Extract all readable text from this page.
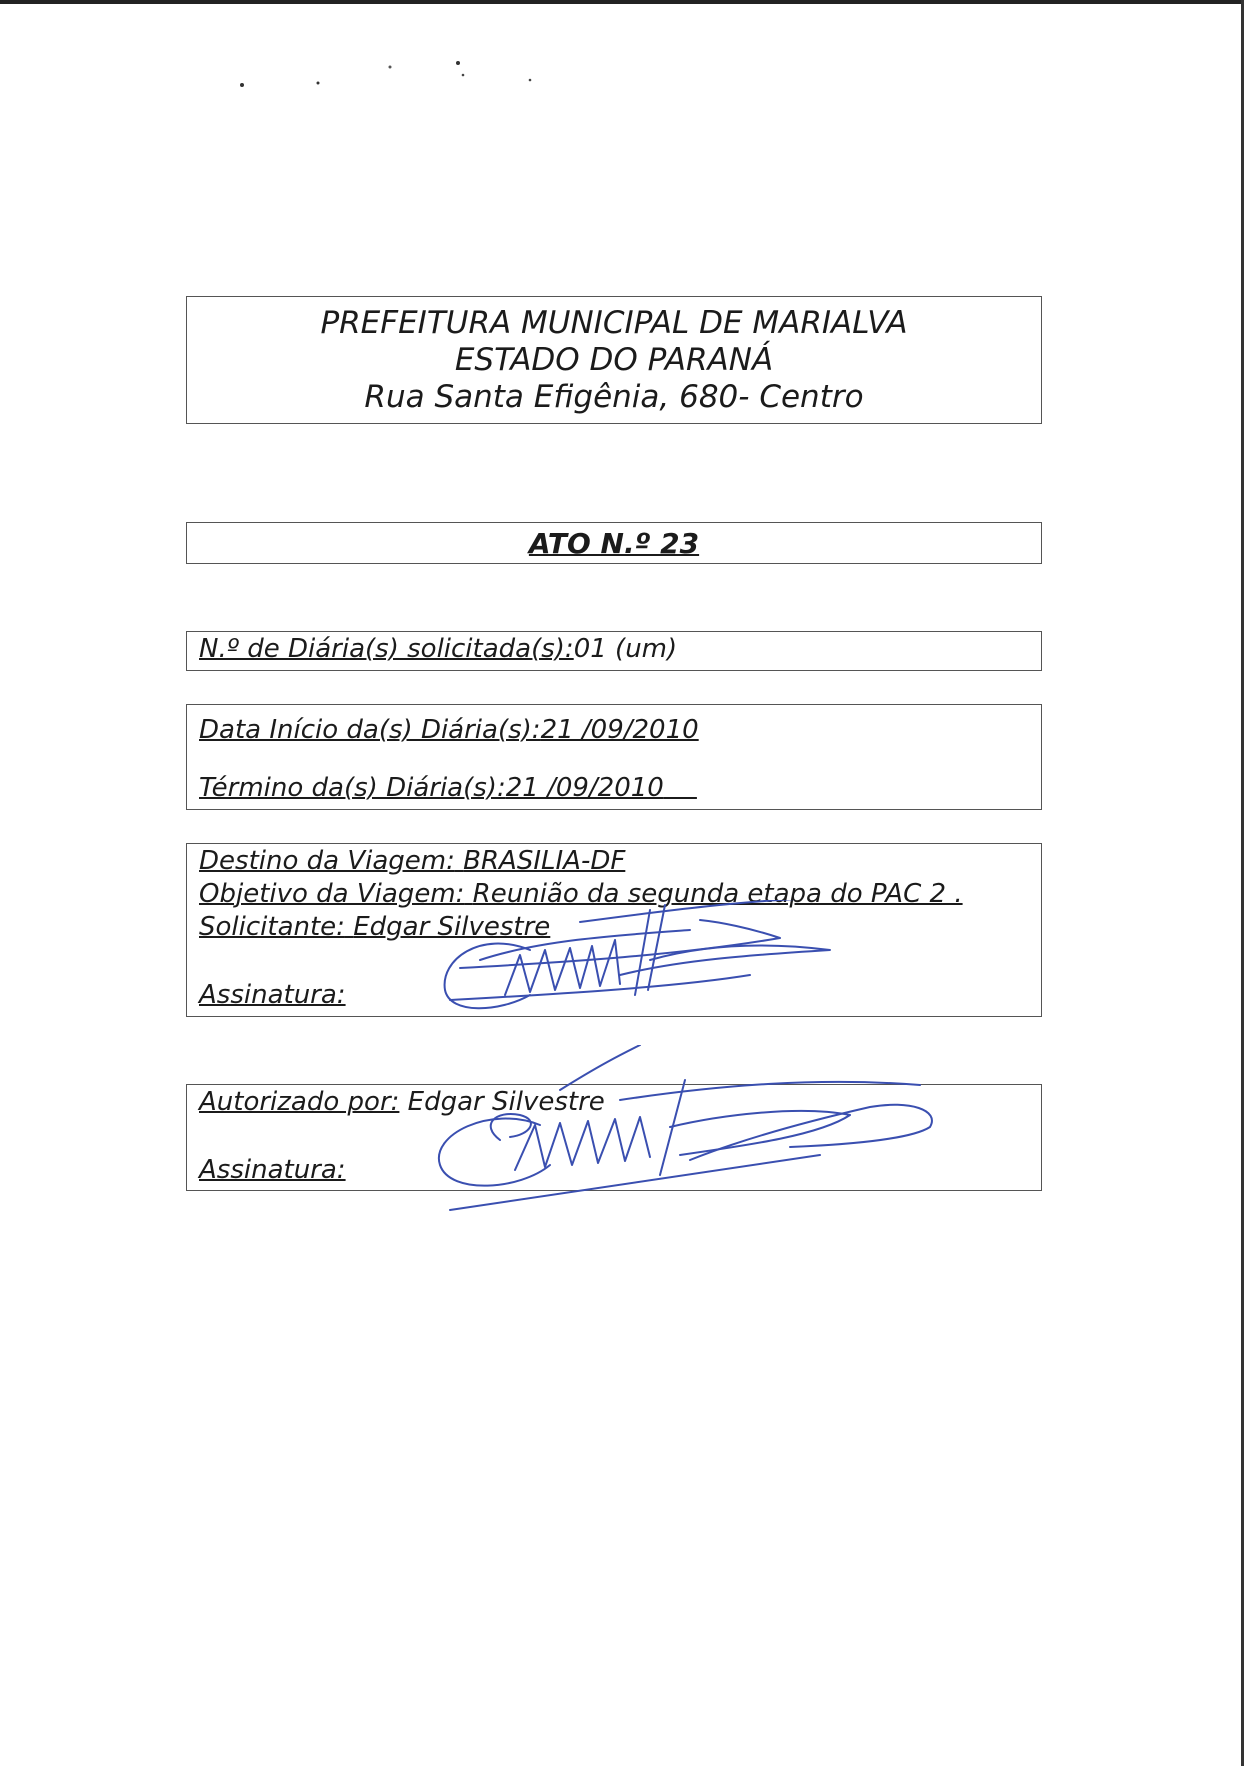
PREFEITURA MUNICIPAL DE MARIALVA
ESTADO DO PARANÁ
Rua Santa Efigênia, 680- Centro
ATO N.º 23
N.º de Diária(s) solicitada(s):01 (um)
Data Início da(s) Diária(s):21 /09/2010
Término da(s) Diária(s):21 /09/2010
Destino da Viagem: BRASILIA-DF
Objetivo da Viagem: Reunião da segunda etapa do PAC 2 .
Solicitante: Edgar Silvestre
Assinatura:
Autorizado por: Edgar Silvestre
Assinatura:
